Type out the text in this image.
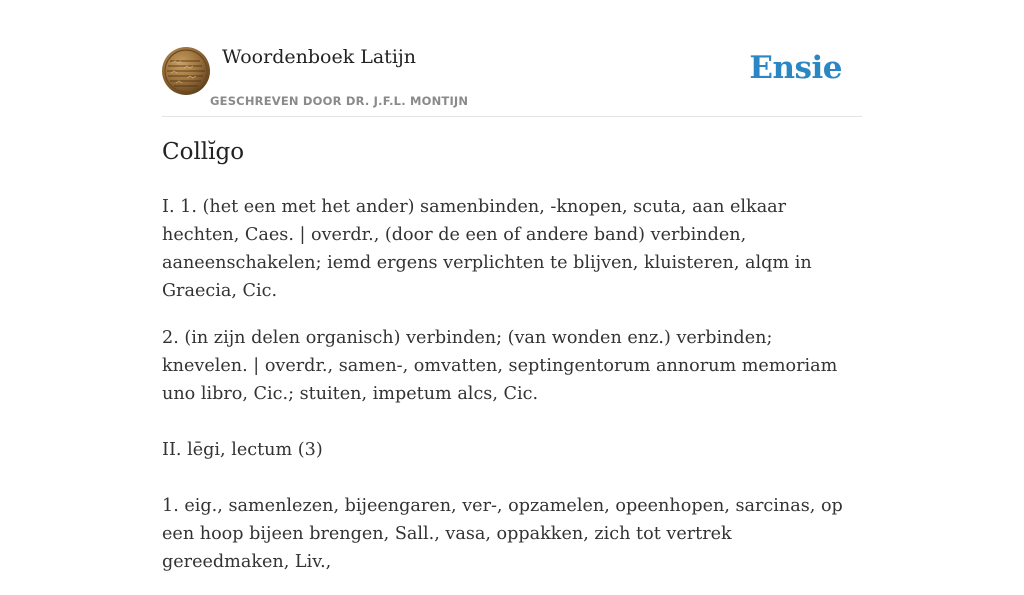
Woordenboek Latijn
GESCHREVEN DOOR DR. J.F.L. MONTIJN
Ensie
Collĭgo

I. 1. (het een met het ander) samenbinden, -knopen, scuta, aan elkaar hechten, Caes. | overdr., (door de een of andere band) verbinden, aaneenschakelen; iemd ergens verplichten te blijven, kluisteren, alqm in Graecia, Cic.

2. (in zijn delen organisch) verbinden; (van wonden enz.) verbinden; knevelen. | overdr., samen-, omvatten, septingentorum annorum memoriam uno libro, Cic.; stuiten, impetum alcs, Cic.

II. lēgi, lectum (3)

1. eig., samenlezen, bijeengaren, ver-, opzamelen, opeenhopen, sarcinas, op een hoop bijeen brengen, Sall., vasa, oppakken, zich tot vertrek gereedmaken, Liv.,
